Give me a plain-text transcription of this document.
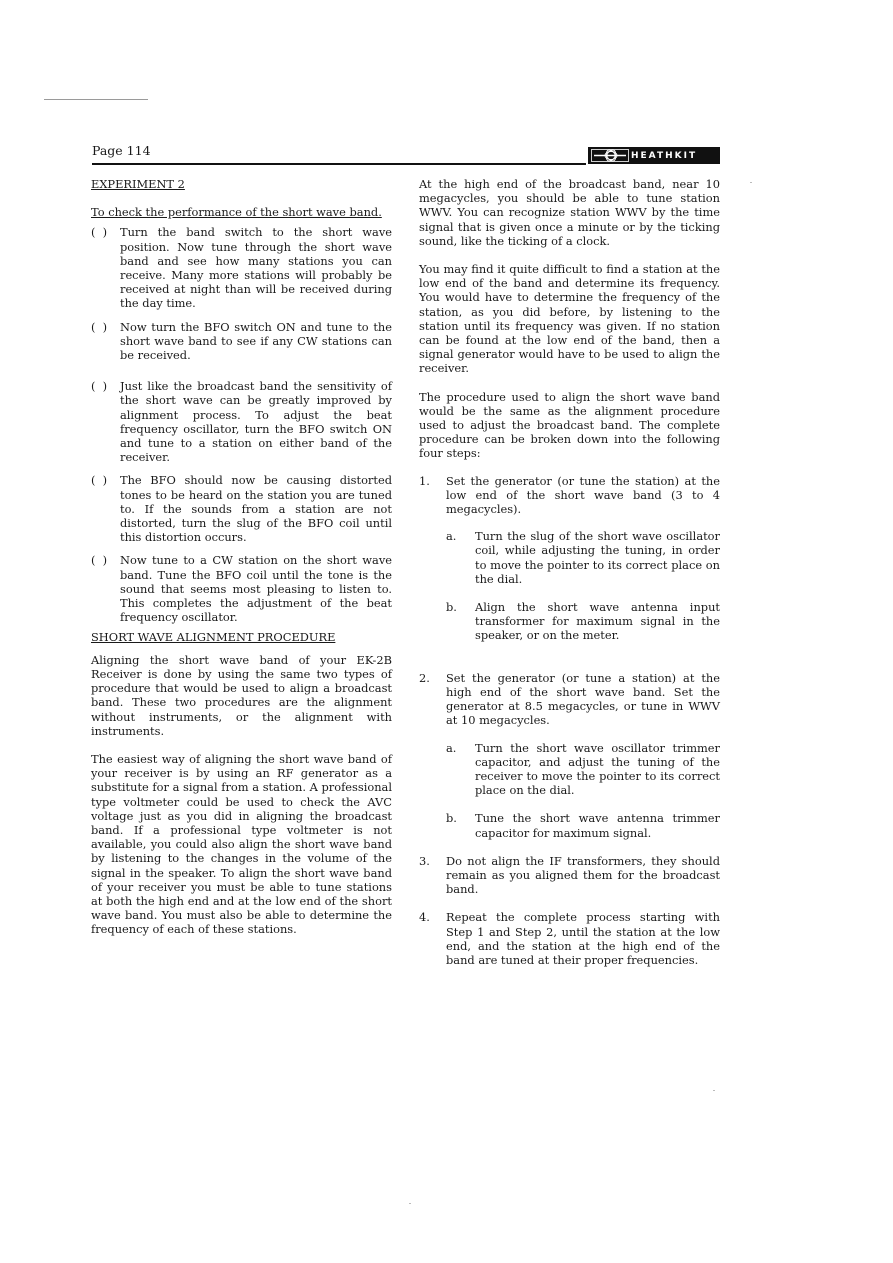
Page 114	HEATHKIT

EXPERIMENT 2

To check the performance of the short wave band.

(  )	Turn the band switch to the short wave position. Now tune through the short wave band and see how many stations you can receive. Many more stations will probably be received at night than will be received during the day time.
(  )	Now turn the BFO switch ON and tune to the short wave band to see if any CW stations can be received.
(  )	Just like the broadcast band the sensitivity of the short wave can be greatly improved by alignment process. To adjust the beat frequency oscillator, turn the BFO switch ON and tune to a station on either band of the receiver.
(  )	The BFO should now be causing distorted tones to be heard on the station you are tuned to. If the sounds from a station are not distorted, turn the slug of the BFO coil until this distortion occurs.
(  )	Now tune to a CW station on the short wave band. Tune the BFO coil until the tone is the sound that seems most pleasing to listen to. This completes the adjustment of the beat frequency oscillator.

SHORT WAVE ALIGNMENT PROCEDURE

Aligning the short wave band of your EK-2B Receiver is done by using the same two types of procedure that would be used to align a broadcast band. These two procedures are the alignment without instruments, or the alignment with instruments.

The easiest way of aligning the short wave band of your receiver is by using an RF generator as a substitute for a signal from a station. A professional type voltmeter could be used to check the AVC voltage just as you did in aligning the broadcast band. If a professional type voltmeter is not available, you could also align the short wave band by listening to the changes in the volume of the signal in the speaker. To align the short wave band of your receiver you must be able to tune stations at both the high end and at the low end of the short wave band. You must also be able to determine the frequency of each of these stations.

At the high end of the broadcast band, near 10 megacycles, you should be able to tune station WWV. You can recognize station WWV by the time signal that is given once a minute or by the ticking sound, like the ticking of a clock.

You may find it quite difficult to find a station at the low end of the band and determine its frequency. You would have to determine the frequency of the station, as you did before, by listening to the station until its frequency was given. If no station can be found at the low end of the band, then a signal generator would have to be used to align the receiver.

The procedure used to align the short wave band would be the same as the alignment procedure used to adjust the broadcast band. The complete procedure can be broken down into the following four steps:

1.	Set the generator (or tune the station) at the low end of the short wave band (3 to 4 megacycles).
a.	Turn the slug of the short wave oscillator coil, while adjusting the tuning, in order to move the pointer to its correct place on the dial.
b.	Align the short wave antenna input transformer for maximum signal in the speaker, or on the meter.
2.	Set the generator (or tune a station) at the high end of the short wave band. Set the generator at 8.5 megacycles, or tune in WWV at 10 megacycles.
a.	Turn the short wave oscillator trimmer capacitor, and adjust the tuning of the receiver to move the pointer to its correct place on the dial.
b.	Tune the short wave antenna trimmer capacitor for maximum signal.
3.	Do not align the IF transformers, they should remain as you aligned them for the broadcast band.
4.	Repeat the complete process starting with Step 1 and Step 2, until the station at the low end, and the station at the high end of the band are tuned at their proper frequencies.
